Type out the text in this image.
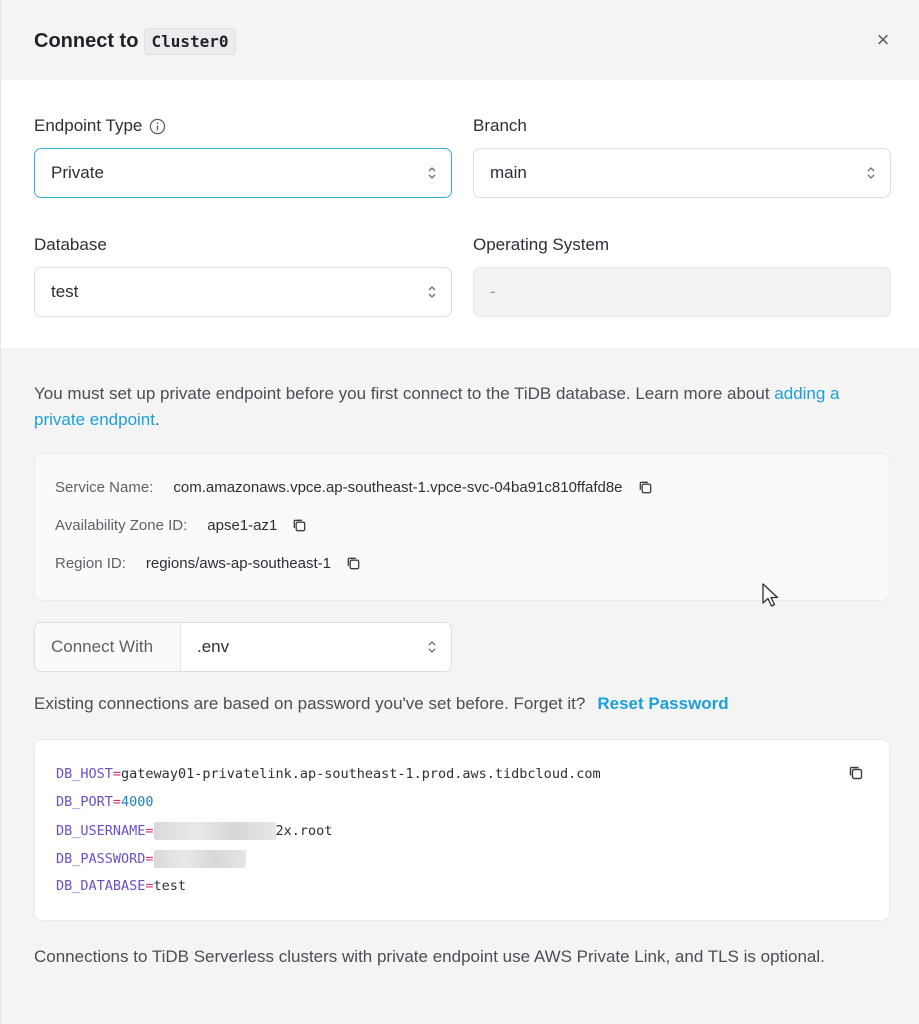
Connect to Cluster0	×
Endpoint Type
Private
Branch
main
Database
test
Operating System
-
You must set up private endpoint before you first connect to the TiDB database. Learn more about adding a private endpoint.
Service Name: com.amazonaws.vpce.ap-southeast-1.vpce-svc-04ba91c810ffafd8e
Availability Zone ID: apse1-az1
Region ID: regions/aws-ap-southeast-1
Connect With	.env
Existing connections are based on password you've set before. Forget it? Reset Password
DB_HOST = gateway01-privatelink.ap-southeast-1.prod.aws.tidbcloud.com
DB_PORT = 4000
DB_USERNAME =	2x.root
DB_PASSWORD =
DB_DATABASE = test
Connections to TiDB Serverless clusters with private endpoint use AWS Private Link, and TLS is optional.
